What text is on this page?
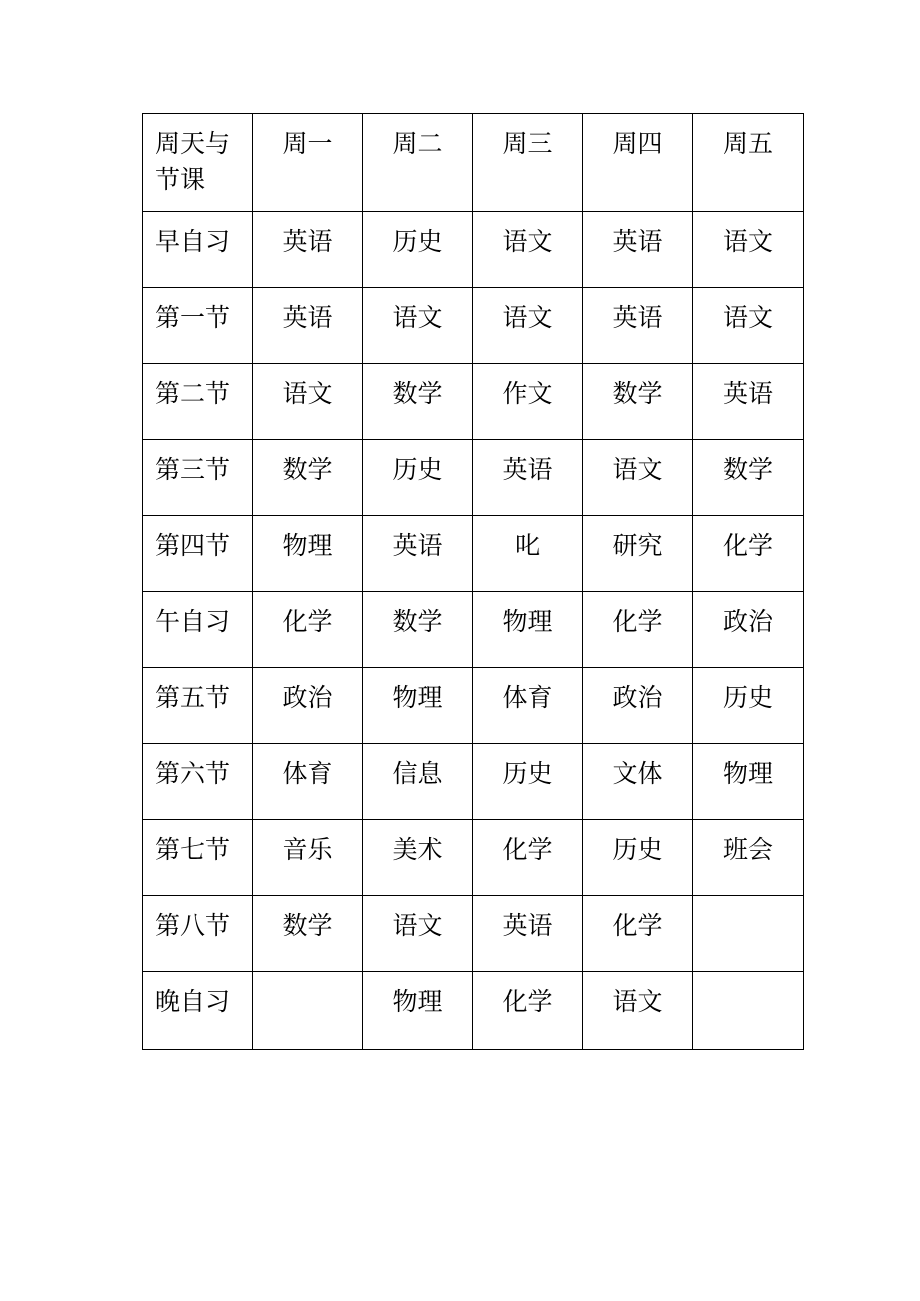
周天与节课	周一	周二	周三	周四	周五
早自习	英语	历史	语文	英语	语文
第一节	英语	语文	语文	英语	语文
第二节	语文	数学	作文	数学	英语
第三节	数学	历史	英语	语文	数学
第四节	物理	英语	叱	研究	化学
午自习	化学	数学	物理	化学	政治
第五节	政治	物理	体育	政治	历史
第六节	体育	信息	历史	文体	物理
第七节	音乐	美术	化学	历史	班会
第八节	数学	语文	英语	化学	
晚自习		物理	化学	语文	
